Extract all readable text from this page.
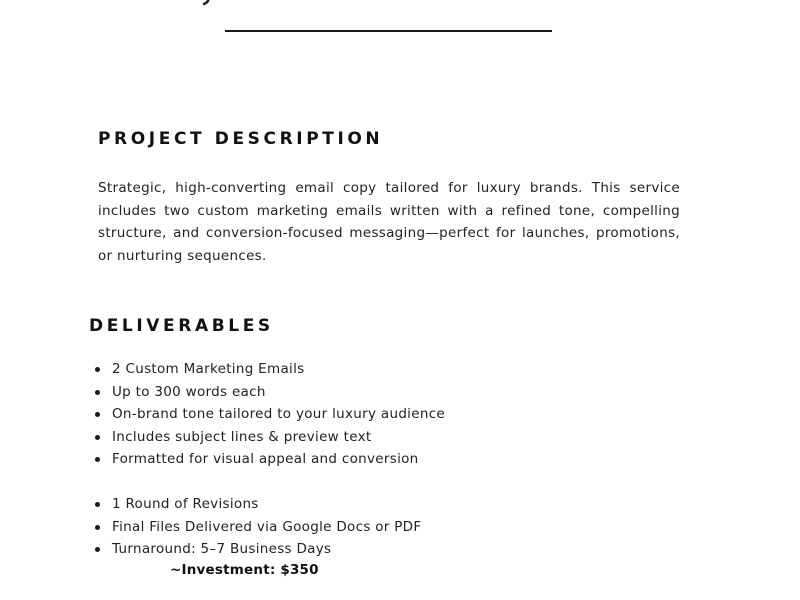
PROJECT DESCRIPTION

Strategic, high-converting email copy tailored for luxury brands. This service includes two custom marketing emails written with a refined tone, compelling structure, and conversion-focused messaging—perfect for launches, promotions, or nurturing sequences.

DELIVERABLES
2 Custom Marketing Emails
Up to 300 words each
On-brand tone tailored to your luxury audience
Includes subject lines & preview text
Formatted for visual appeal and conversion
1 Round of Revisions
Final Files Delivered via Google Docs or PDF
Turnaround: 5–7 Business Days
~Investment: $350
